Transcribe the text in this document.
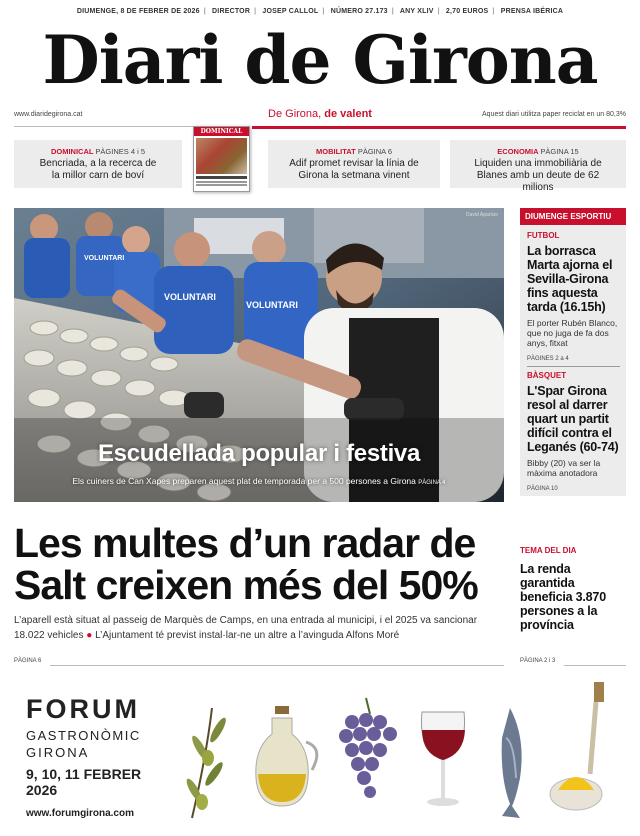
DIUMENGE, 8 DE FEBRER DE 2026 | DIRECTOR | JOSEP CALLOL | NÚMERO 27.173 | ANY XLIV | 2,70 EUROS | PRENSA IBÉRICA
Diari de Girona
www.diaridegirona.cat	De Girona, de valent	Aquest diari utilitza paper reciclat en un 80,3%
DOMINICAL PÀGINES 4 i 5
Bencriada, a la recerca de la millor carn de boví
DOMINICAL
MOBILITAT PÀGINA 6
Adif promet revisar la línia de Girona la setmana vinent
ECONOMIA PÀGINA 15
Liquiden una immobiliària de Blanes amb un deute de 62 milions
VOLUNTARI
VOLUNTARI
VOLUNTARI
David Aparicio
Escudellada popular i festiva
Els cuiners de Can Xapes preparen aquest plat de temporada per a 500 persones a Girona PÀGINA 4
DIUMENGE ESPORTIU
FUTBOL
La borrasca Marta ajorna el Sevilla-Girona fins aquesta tarda (16.15h)
El porter Rubén Blanco, que no juga de fa dos anys, fitxat
PÀGINES 2 a 4
BÀSQUET
L'Spar Girona resol al darrer quart un partit difícil contra el Leganés (60-74)
Bibby (20) va ser la màxima anotadora
PÀGINA 10
Les multes d’un radar de Salt creixen més del 50%
L’aparell està situat al passeig de Marquès de Camps, en una entrada al municipi, i el 2025 va sancionar 18.022 vehicles ● L’Ajuntament té previst instal·lar-ne un altre a l’avinguda Alfons Moré
PÀGINA 6
TEMA DEL DIA
La renda garantida beneficia 3.870 persones a la província
PÀGINA 2 i 3
FORUM
GASTRONÒMIC
GIRONA
9, 10, 11 FEBRER
2026
www.forumgirona.com
